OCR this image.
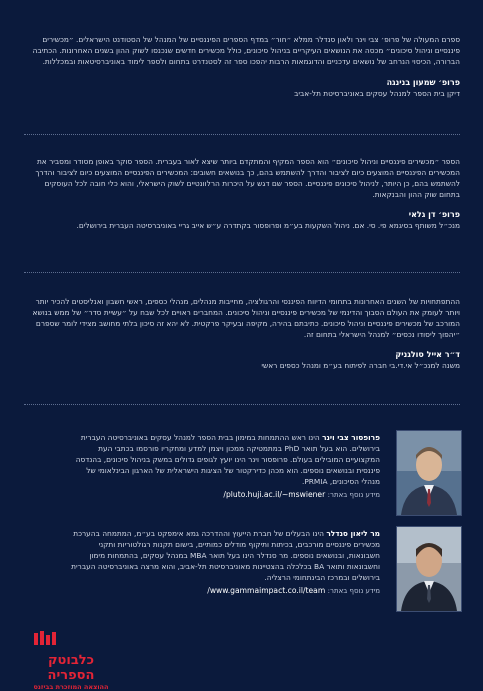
ספרם המעולה של פרופ׳ צבי וינר ולאון סנדלר ממלא ״חור״ במדף הספרים הפיננסיים של המנהל של הסטודנט הישראלים. ״מכשירים פיננסיים וניהול סיכונים״ מכסה את הנושאים העיקריים בניהול סיכונים, כולל מכשירים חדשים שנכנסו לשוק ההון בשנים האחרונות. הכתיבה הברורה, הכיסוי הנרחב של נושאים עדכניים והדוגמאות הרבות יהפכו ספר זה לסטנדרט בתחום ולספר לימוד באוניברסיטאות ובמכללות.

פרופ׳ שמעון בנינגה

דיקן בית הספר למנהל עסקים באוניברסיטת תל-אביב

הספר ״מכשירים פיננסיים וניהול סיכונים״ הוא הספר המקיף והמתקדם ביותר שיצא לאור בעברית. הספר סוקר באופן מסודר ומסביר את המכשירים הפיננסיים המוצעים כיום לציבור והדרך להשתמש בהם, כך בנושאים חשובים: המכשירים הפיננסיים המוצעים כיום לציבור והדרך להשתמש בהם, כן היותר, לניהול סיכונים פיננסיים. הספר שם דגש על היכרות הרלוונטיים לשוק הישראלי, והוא כלי חובה לכל העוסקים בתחום שוק ההון והבנקאות.

פרופ׳ דן גלאי

מנכ״ל משותף בסיגמא פי. סי. אם. ניהול השקעות בע״מ ופרופסור בקתדרה ע״ש אייב גריי באוניברסיטה העברית בירושלים.

ההתפתחויות של השנים האחרונות בתחומי הדיווח הפיננסי והרגולציה, מחייבות מנהלים, מנהלי כספים, ראשי חשבון ואנליסטים להכיר יותר ויותר לעומק את העולם הסבוך והדינמי של מכשירים פיננסיים וניהול סיכונים. המחברים ראויים לכל שבח על ״עשיית סדר״ של ממש בנושא המורכב של מכשירים פיננסיים וניהול סיכונים. כתיבתם בהירה, מקיפה ובעיקר פרקטית. לא יהא זה סיכון בלתי מחושב מצידי לומר שספרם ״יהפוך ליסודו נכסים״ למנהל הישראלי בתחום זה.

ד״ר אייל סולגניק

משנה למנכ״ל אי.די.בי חברה לפיתוח בע״מ ומנהל כספים ראשי

פרופסור צבי וינר הינו ראש ההתמחות במימון בבית הספר למנהל עסקים באוניברסיטה העברית בירושלים. הוא בעל תואר PhD במתמטיקה ממכון ויצמן למדע ומחקריו פורסמו בכתבי העת המקצועיים המובילים בעולם. פרופסור וינר הינו יועץ לגופים גדולים במשק בניהול סיכונים, בהנדסה פיננסית ובנושאים נוספים. הוא מכהן כדירקטור של הציגות הישראלית של הארגון הבינלאומי של מנהלי הסיכונים, PRMIA.

מידע נוסף באתר: pluto.huji.ac.il/~mswiener/

מר ליאון סנדלר הינו הבעלים של חברת הייעוץ וההדרכה גמא אימפקט בע״מ, המתמחה בהערכת מכשירים פיננסיים מורכבים, בכיתות ותיקוף מודלים כמותיים, בישום תקנות רגולטוריות ותקני חשבונאות, ובנושאים נוספים. מר סנדלר הינו בעל תואר MBA במנהל עסקים, בהתמחות מימון וחשבונאות ותואר BA בכלכלה בהצטיינות מאוניברסיטת תל-אביב, והוא מרצה באוניברסיטה העברית בירושלים ובמרכז הבינתחומי הרצליה.

מידע נוסף באתר: www.gammaimpact.co.il/team/

כלבוטק הספריה
ההוצאה המוזכרת בביזנס
